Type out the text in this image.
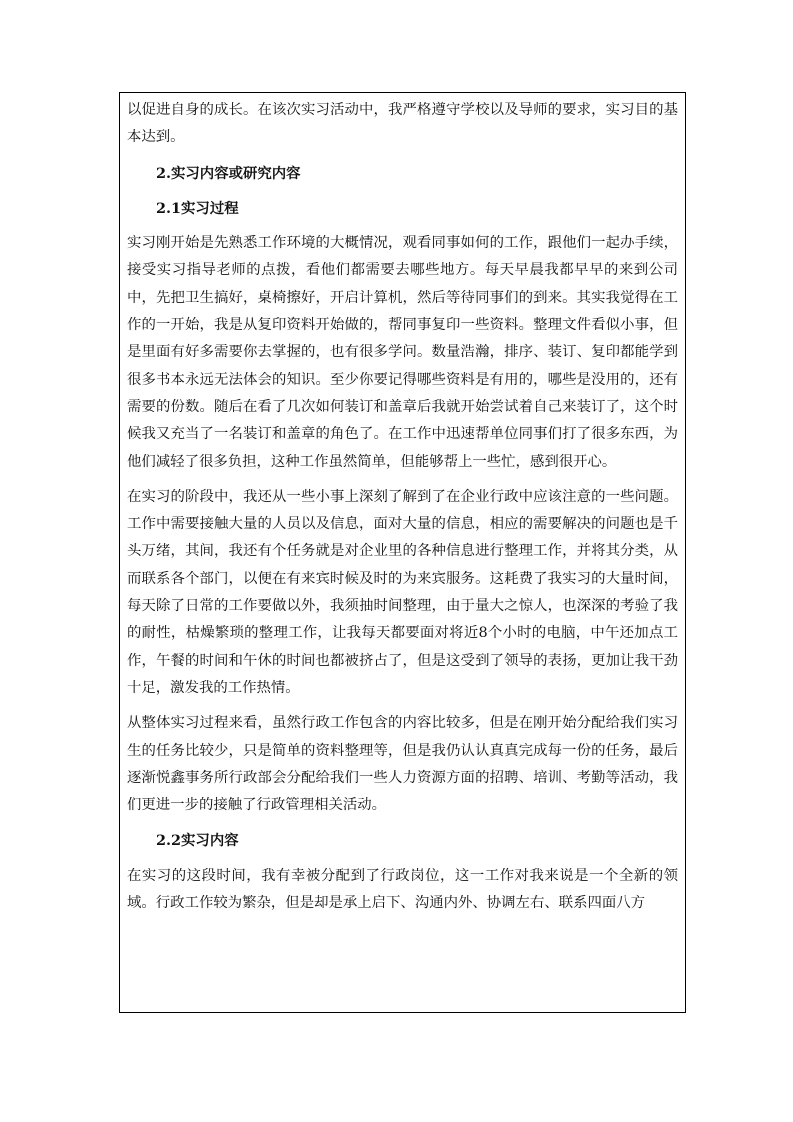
以促进自身的成长。在该次实习活动中，我严格遵守学校以及导师的要求，实习目的基本达到。

2.实习内容或研究内容

2.1实习过程

实习刚开始是先熟悉工作环境的大概情况，观看同事如何的工作，跟他们一起办手续，接受实习指导老师的点拨，看他们都需要去哪些地方。每天早晨我都早早的来到公司中，先把卫生搞好，桌椅擦好，开启计算机，然后等待同事们的到来。其实我觉得在工作的一开始，我是从复印资料开始做的，帮同事复印一些资料。整理文件看似小事，但是里面有好多需要你去掌握的，也有很多学问。数量浩瀚，排序、装订、复印都能学到很多书本永远无法体会的知识。至少你要记得哪些资料是有用的，哪些是没用的，还有需要的份数。随后在看了几次如何装订和盖章后我就开始尝试着自己来装订了，这个时候我又充当了一名装订和盖章的角色了。在工作中迅速帮单位同事们打了很多东西，为他们减轻了很多负担，这种工作虽然简单，但能够帮上一些忙，感到很开心。

在实习的阶段中，我还从一些小事上深刻了解到了在企业行政中应该注意的一些问题。工作中需要接触大量的人员以及信息，面对大量的信息，相应的需要解决的问题也是千头万绪，其间，我还有个任务就是对企业里的各种信息进行整理工作，并将其分类，从而联系各个部门，以便在有来宾时候及时的为来宾服务。这耗费了我实习的大量时间，每天除了日常的工作要做以外，我须抽时间整理，由于量大之惊人，也深深的考验了我的耐性，枯燥繁琐的整理工作，让我每天都要面对将近8个小时的电脑，中午还加点工作，午餐的时间和午休的时间也都被挤占了，但是这受到了领导的表扬，更加让我干劲十足，激发我的工作热情。

从整体实习过程来看，虽然行政工作包含的内容比较多，但是在刚开始分配给我们实习生的任务比较少，只是简单的资料整理等，但是我仍认认真真完成每一份的任务，最后逐渐悦鑫事务所行政部会分配给我们一些人力资源方面的招聘、培训、考勤等活动，我们更进一步的接触了行政管理相关活动。

2.2实习内容

在实习的这段时间，我有幸被分配到了行政岗位，这一工作对我来说是一个全新的领域。行政工作较为繁杂，但是却是承上启下、沟通内外、协调左右、联系四面八方
